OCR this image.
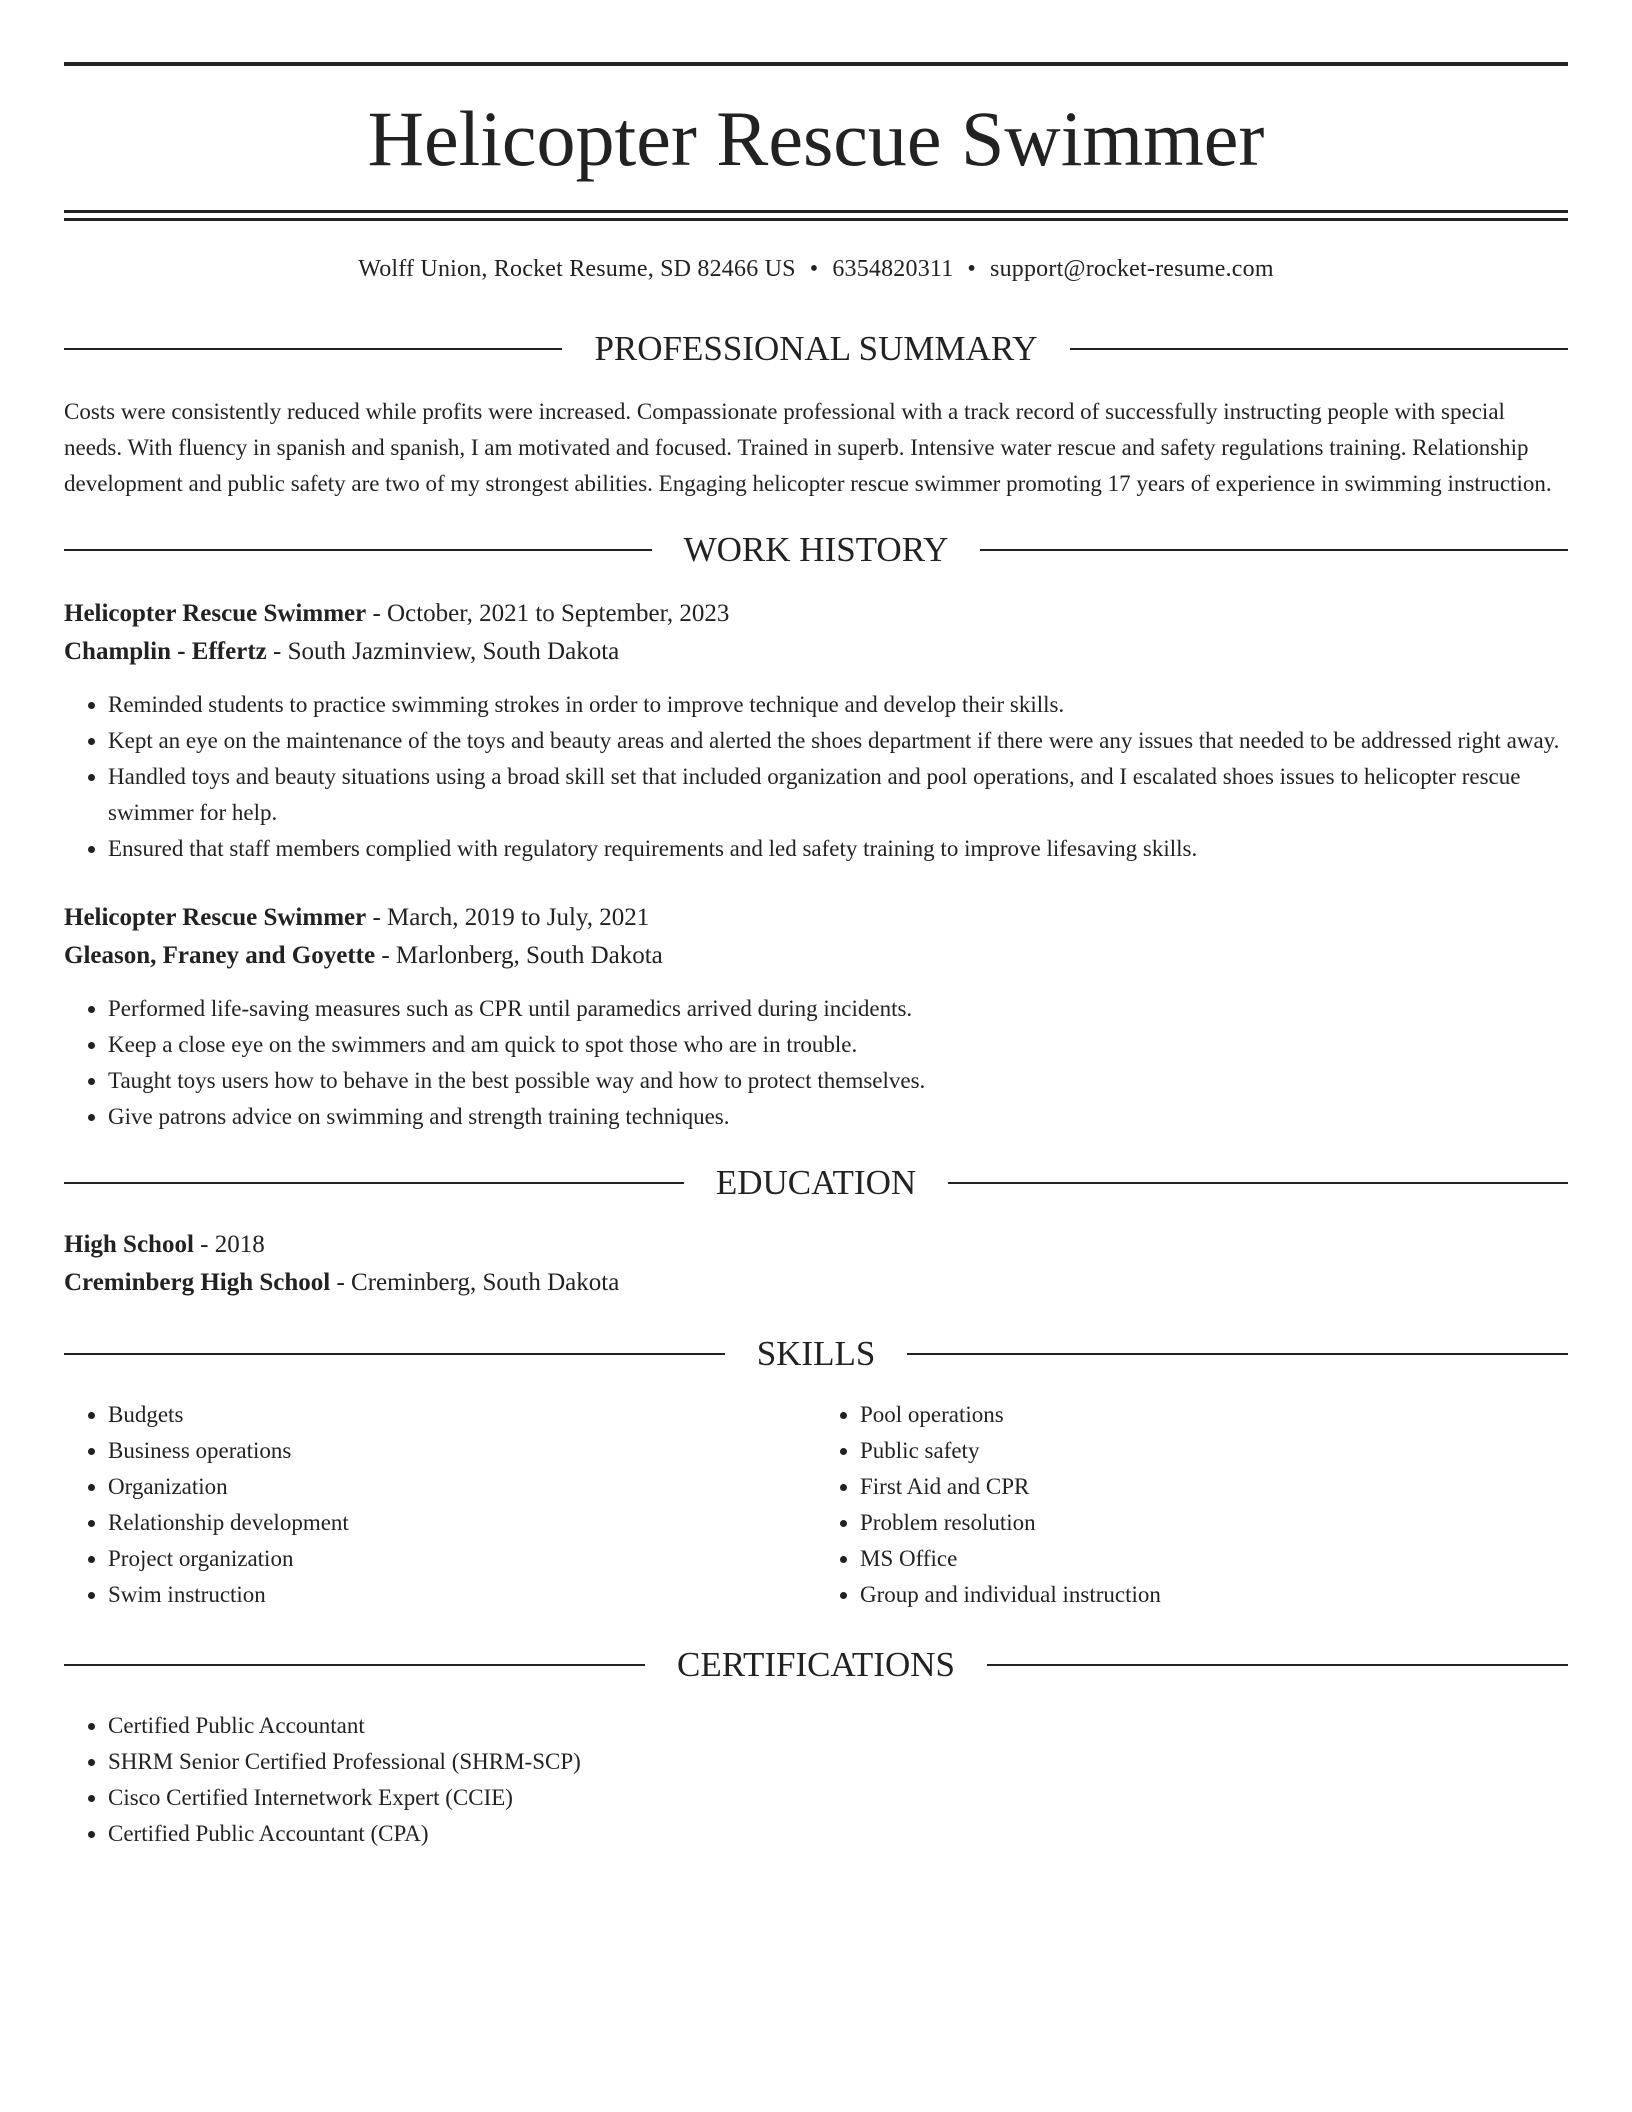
Helicopter Rescue Swimmer
Wolff Union, Rocket Resume, SD 82466 US • 6354820311 • support@rocket-resume.com
PROFESSIONAL SUMMARY

Costs were consistently reduced while profits were increased. Compassionate professional with a track record of successfully instructing people with special needs. With fluency in spanish and spanish, I am motivated and focused. Trained in superb. Intensive water rescue and safety regulations training. Relationship development and public safety are two of my strongest abilities. Engaging helicopter rescue swimmer promoting 17 years of experience in swimming instruction.

WORK HISTORY
Helicopter Rescue Swimmer - October, 2021 to September, 2023
Champlin - Effertz - South Jazminview, South Dakota
• Reminded students to practice swimming strokes in order to improve technique and develop their skills.
• Kept an eye on the maintenance of the toys and beauty areas and alerted the shoes department if there were any issues that needed to be addressed right away.
• Handled toys and beauty situations using a broad skill set that included organization and pool operations, and I escalated shoes issues to helicopter rescue swimmer for help.
• Ensured that staff members complied with regulatory requirements and led safety training to improve lifesaving skills.
Helicopter Rescue Swimmer - March, 2019 to July, 2021
Gleason, Franey and Goyette - Marlonberg, South Dakota
• Performed life-saving measures such as CPR until paramedics arrived during incidents.
• Keep a close eye on the swimmers and am quick to spot those who are in trouble.
• Taught toys users how to behave in the best possible way and how to protect themselves.
• Give patrons advice on swimming and strength training techniques.
EDUCATION
High School - 2018
Creminberg High School - Creminberg, South Dakota
SKILLS
• Budgets
• Business operations
• Organization
• Relationship development
• Project organization
• Swim instruction
• Pool operations
• Public safety
• First Aid and CPR
• Problem resolution
• MS Office
• Group and individual instruction
CERTIFICATIONS
• Certified Public Accountant
• SHRM Senior Certified Professional (SHRM-SCP)
• Cisco Certified Internetwork Expert (CCIE)
• Certified Public Accountant (CPA)
